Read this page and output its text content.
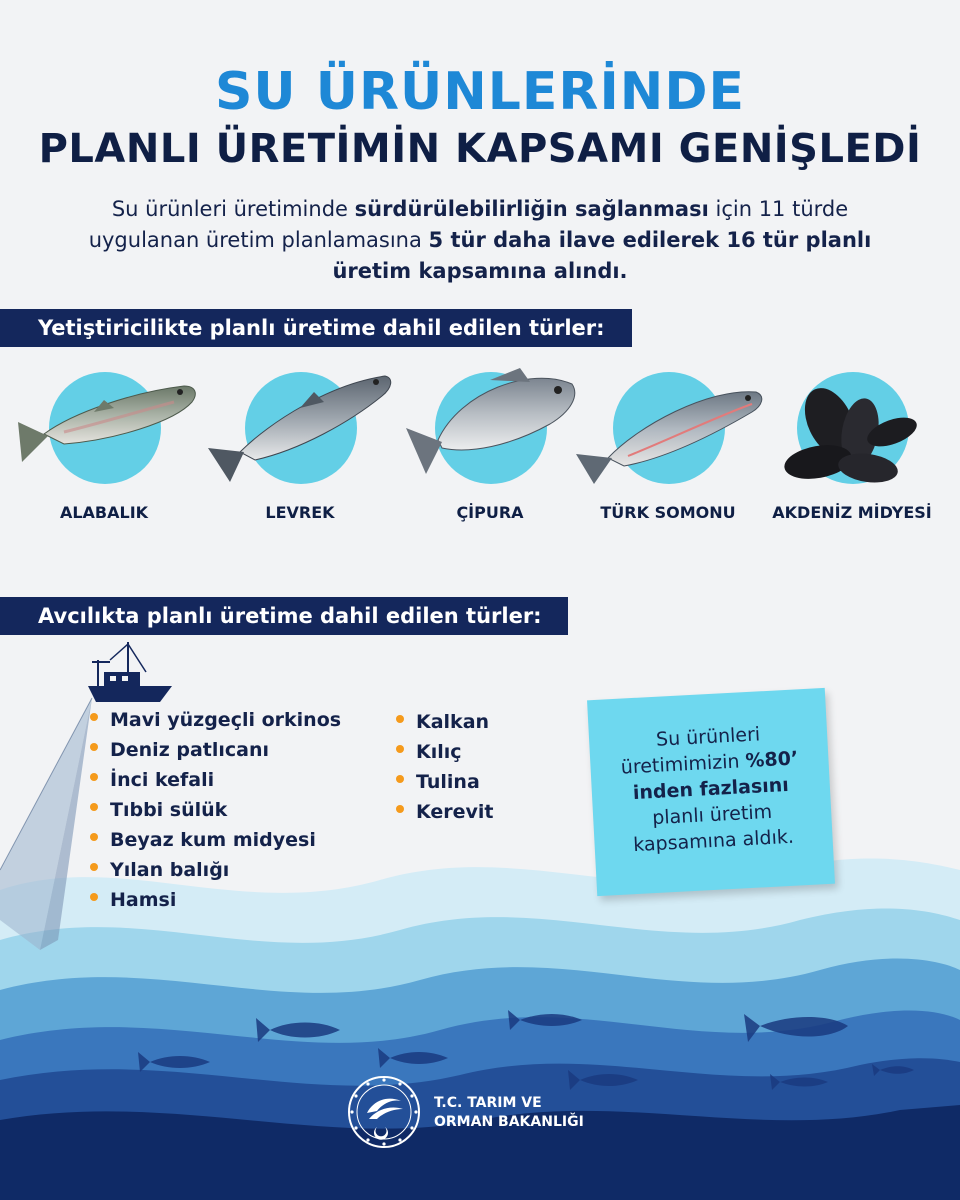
SU ÜRÜNLERİNDE
PLANLI ÜRETİMİN KAPSAMI GENİŞLEDİ
Su ürünleri üretiminde sürdürülebilirliğin sağlanması için 11 türde uygulanan üretim planlamasına 5 tür daha ilave edilerek 16 tür planlı üretim kapsamına alındı.
Yetiştiricilikte planlı üretime dahil edilen türler:
ALABALIK	LEVREK	ÇİPURA	TÜRK SOMONU	AKDENİZ MİDYESİ
Avcılıkta planlı üretime dahil edilen türler:
Mavi yüzgeçli orkinos
Deniz patlıcanı
İnci kefali
Tıbbi sülük
Beyaz kum midyesi
Yılan balığı
Hamsi
Kalkan
Kılıç
Tulina
Kerevit
Su ürünleri
üretimimizin %80’
inden fazlasını
planlı üretim
kapsamına aldık.
T.C. TARIM VE
ORMAN BAKANLIĞI
